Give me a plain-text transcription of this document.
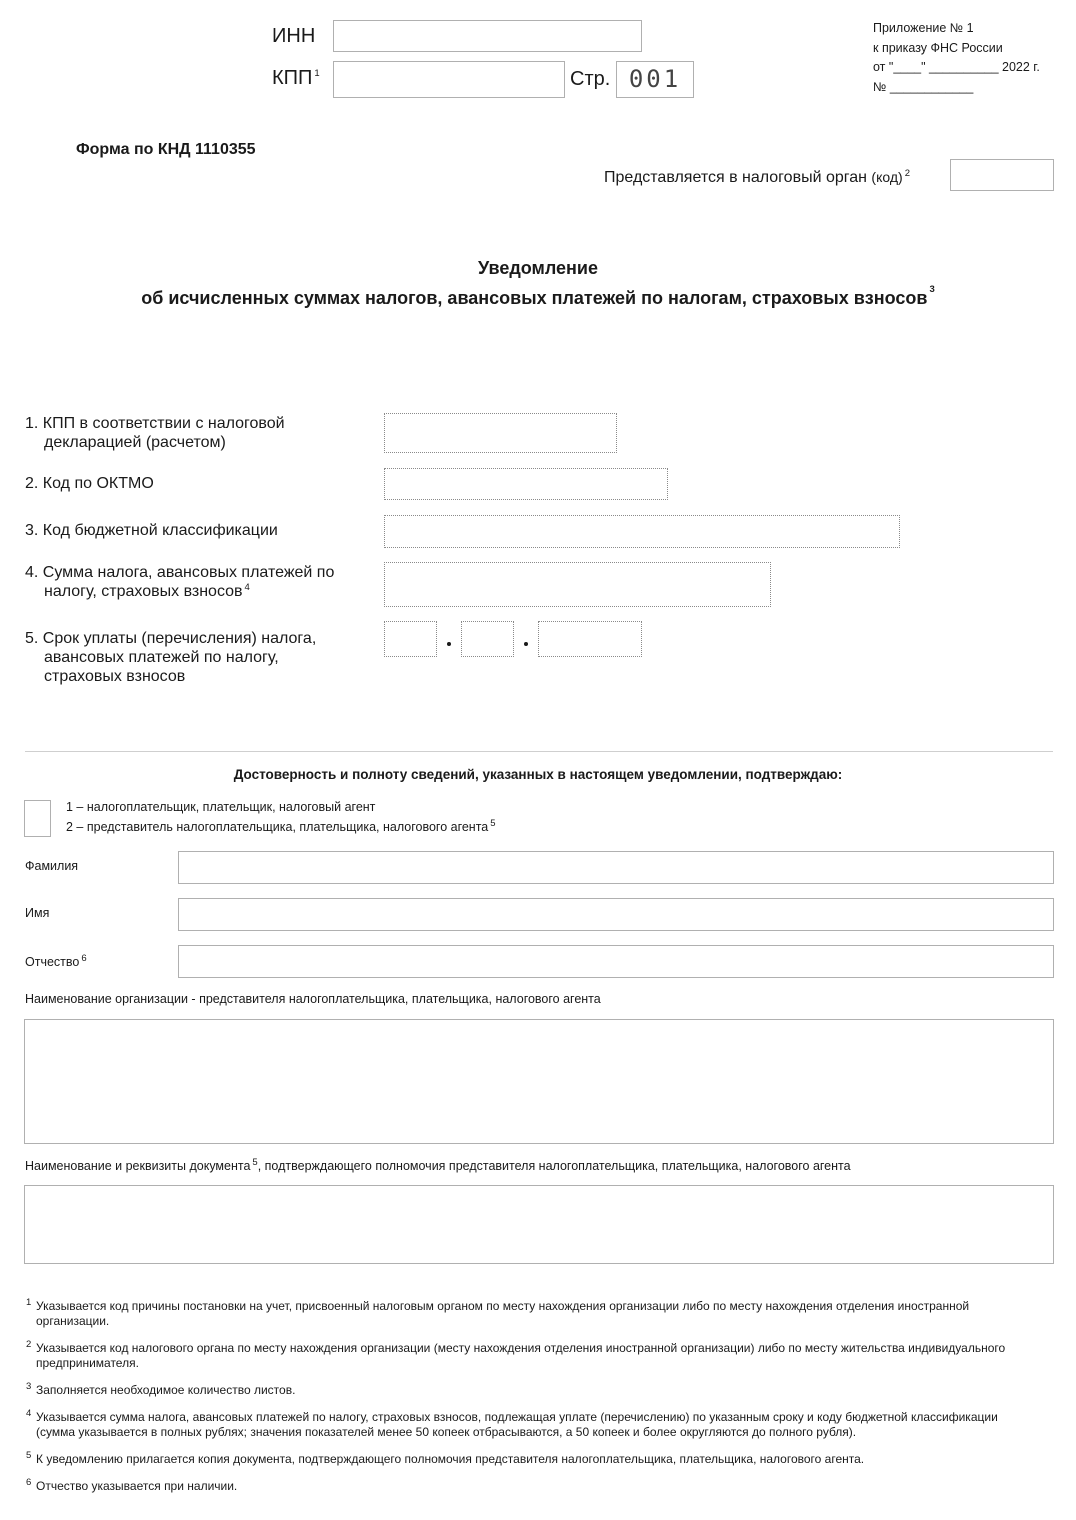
ИНН
КПП $^1$	Стр. 001
Приложение № 1
к приказу ФНС России
от "____" __________ 2022 г.
№ ____________
Форма по КНД 1110355
Представляется в налоговый орган (код) $^2$
Уведомление
об исчисленных суммах налогов, авансовых платежей по налогам, страховых взносов $^3$
1. КПП в соответствии с налоговой
декларацией (расчетом)
2. Код по ОКТМО
3. Код бюджетной классификации
4. Сумма налога, авансовых платежей по
налогу, страховых взносов $^4$
5. Срок уплаты (перечисления) налога,
авансовых платежей по налогу,
страховых взносов
Достоверность и полноту сведений, указанных в настоящем уведомлении, подтверждаю:
1 – налогоплательщик, плательщик, налоговый агент
2 – представитель налогоплательщика, плательщика, налогового агента $^5$
Фамилия
Имя
Отчество $^6$
Наименование организации - представителя налогоплательщика, плательщика, налогового агента
Наименование и реквизиты документа $^5$, подтверждающего полномочия представителя налогоплательщика, плательщика, налогового агента
1 Указывается код причины постановки на учет, присвоенный налоговым органом по месту нахождения организации либо по месту нахождения отделения иностранной организации.
2 Указывается код налогового органа по месту нахождения организации (месту нахождения отделения иностранной организации) либо по месту жительства индивидуального предпринимателя.
3 Заполняется необходимое количество листов.
4 Указывается сумма налога, авансовых платежей по налогу, страховых взносов, подлежащая уплате (перечислению) по указанным сроку и коду бюджетной классификации (сумма указывается в полных рублях; значения показателей менее 50 копеек отбрасываются, а 50 копеек и более округляются до полного рубля).
5 К уведомлению прилагается копия документа, подтверждающего полномочия представителя налогоплательщика, плательщика, налогового агента.
6 Отчество указывается при наличии.
